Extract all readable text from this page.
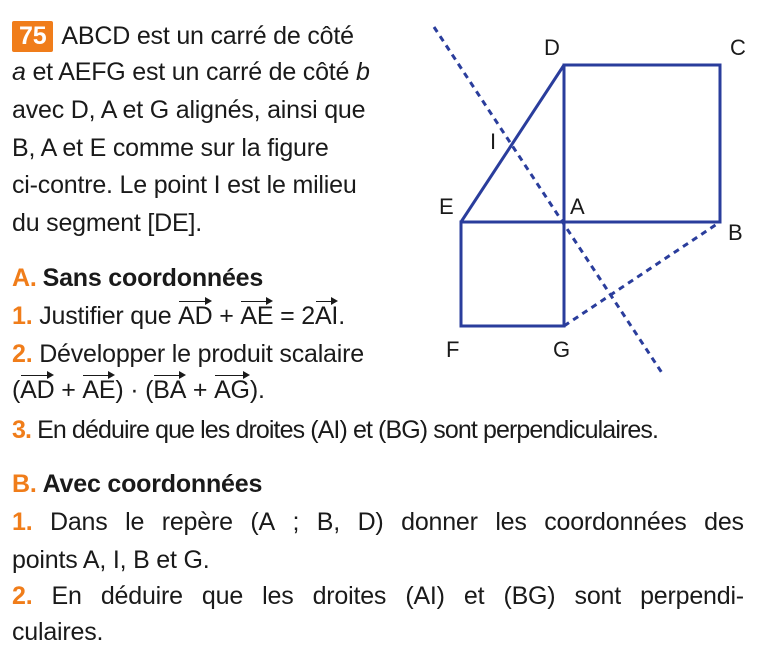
75 ABCD est un carré de côté
a et AEFG est un carré de côté b
avec D, A et G alignés, ainsi que
B, A et E comme sur la figure
ci-contre. Le point I est le milieu
du segment [DE].
A. Sans coordonnées
1. Justifier que AD + AE = 2AI.
2. Développer le produit scalaire
(AD + AE) · (BA + AG).
3. En déduire que les droites (AI) et (BG) sont perpendiculaires.
B. Avec coordonnées
1. Dans le repère (A ; B, D) donner les coordonnées des
points A, I, B et G.
2. En déduire que les droites (AI) et (BG) sont perpendi-
culaires.
D	C
I
E	A
B
F	G
